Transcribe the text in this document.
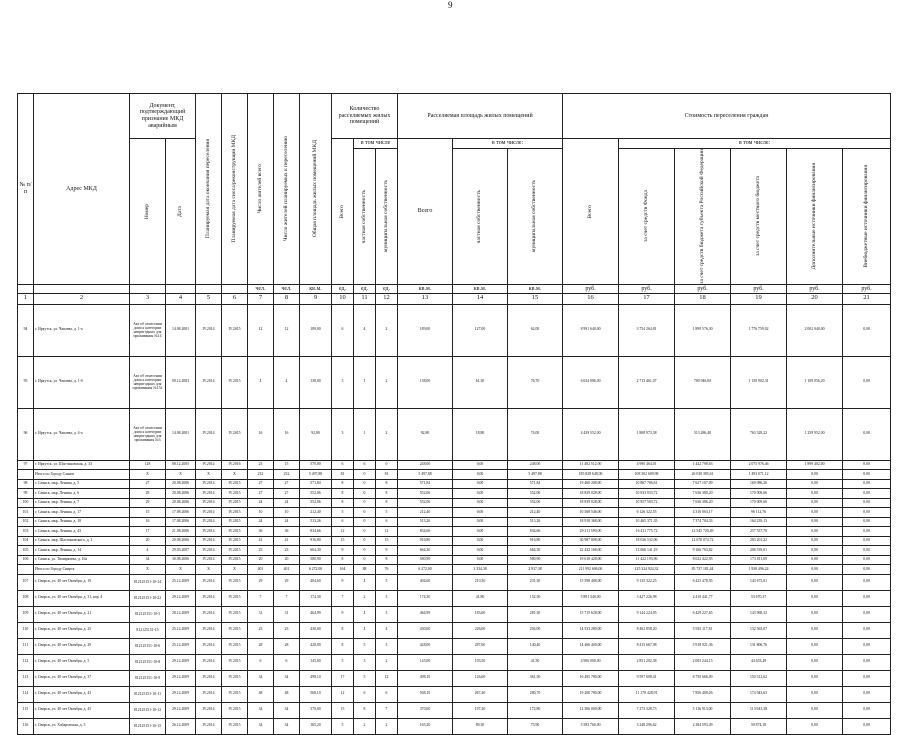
9
№ п/п	Адрес МКД	Документ, подтверждающий признание МКД аварийным		Планируемая дата окончания переселения	Планируемая дата сноса/реконструкции МКД	Число жителей всего	Число жителей планируемых к переселению	Общая площадь жилых помещений МКД	Количество расселяемых жилых помещений			Расселяемая площадь жилых помещений			Стоимость переселения граждан					

		Номер	Дата						Всего	в том числе		Всего	в том числе:		Всего	в том числе:				

										частная собственность	муниципальная собственность		частная собственность	муниципальная собственность		за счет средств Фонда	за счет средств бюджета субъекта Российской Федерации	за счет средств местного бюджета	Дополнительные источники финансирования	Внебюджетные источники финансирования

						чел.	чел.	кв.м.	ед.	ед.	ед.	кв.м.	кв.м.	кв.м.	руб.	руб.	руб.	руб.	руб.	руб.
1	2	3	4	5	6	7	8	9	10	11	12	13	14	15	16	17	18	19	20	21
94	г. Иркутск, ул. Чапаева, д. 1-а	Акт об отнесении дома к категории непригодных для проживания №14	14.08.2001	IV.2014	IV.2015	12	12	189,00	6	4	2	189,00	127,00	62,00	8 991 640,00	3 754 264,81	1 899 576,30	1 776 759,02	2 002 040,00	0,00
95	г. Иркутск, ул. Чапаева, д. 1-б	Акт об отнесении дома к категории непригодных для проживания №152	09.12.2003	IV.2014	IV.2015	4	4	138,00	3	1	2	138,00	61,30	76,70	6 024 096,00	2 713 461,07	700 946,00	1 150 902,31	1 109 056,20	0,00
96	г. Иркутск, ул. Чапаева, д. 4-а	Акт об отнесении дома к категории непригодных для проживания №3	14.08.2001	IV.2014	IV.2015	16	16	92,80	3	1	2	92,80	18,80	74,00	4 439 552,00	1 808 973,38	513 286,40	763 328,22	1 259 952,00	0,00
97	г. Иркутск, ул. Шастиновская, д. 33	128	08.12.2005	IV.2014	IV.2016	23	15	570,00	6	6	0	248,00	0,00	248,00	11 482 512,00	4 990 464,01	1 442 798,63	2 075 976,46	1 899 402,00	0,00
	Итого по Городу Саянск	X	X	X	X	232	232	5 497,88	81	0	81	5 497,88	0,00	5 497,88	185 828 648,00	108 302 609,98	26 030 385,61	1 493 071,12	0,00	0,00
98	г. Саянск, мкр. Ленина, д. 5	27	20.08.2006	IV.2014	IV.2015	27	27	571,84	8	0	8	571,84	0,00	571,84	19 460 208,00	10 867 706,61	7 627 107,09	169 086,26	0,00	0,00
99	г. Саянск, мкр. Ленина, д. 6	28	20.08.2006	IV.2014	IV.2015	27	27	552,06	8	0	8	552,06	0,00	552,06	18 839 028,00	10 833 033,72	7 636 380,20	170 009,66	0,00	0,00
100	г. Саянск, мкр. Ленина, д. 7	29	20.08.2006	IV.2014	IV.2015	24	24	552,06	8	0	8	552,06	0,00	552,06	18 839 028,00	10 857 503,72	7 636 386,20	170 009,66	0,00	0,00
101	г. Саянск, мкр. Ленина, д. 17	15	17.08.2006	IV.2014	IV.2015	10	10	212,40	5	0	5	212,40	0,00	212,40	10 568 546,00	6 126 322,55	4 316 063,17	96 112,76	0,00	0,00
102	г. Саянск, мкр. Ленина, д. 18	16	17.08.2006	IV.2014	IV.2015	24	24	513,26	6	0	6	513,26	0,00	513,26	18 918 368,00	10 465 371,35	7 374 704,33	164 239,13	0,00	0,00
103	г. Саянск, мкр. Ленина, д. 43	17	21.08.2006	IV.2014	IV.2015	36	36	834,66	12	0	12	834,66	0,00	834,66	29 211 590,00	16 411 775,72	12 545 720,49	257 537,70	0,00	0,00
104	г. Саянск, мкр. Шастиновского, д. 1	20	20.08.2006	IV.2014	IV.2015	41	41	916,80	15	0	15	916,80	0,00	916,80	30 987 808,00	18 026 532,06	12 678 074,72	283 201,22	0,00	0,00
105	г. Саянск, мкр. Ленина, д. 14	4	29.03.2007	IV.2014	IV.2015	23	23	664,30	9	0	9	664,30	0,00	664,30	22 432 168,00	13 066 141,19	9 166 763,82	206 539,01	0,00	0,00
106	г. Саянск, ул. Тимирязева, д. 16а	34	30.08.2006	IV.2014	IV.2015	20	20	580,90	8	0	8	580,90	0,00	580,90	19 618 428,00	11 422 193,96	8 022 422,95	173 811,09	0,00	0,00
	Итого по Городу Свирск	X	X	X	X	401	401	6 272,00	164	88	76	6 272,00	3 334,38	2 937,38	211 992 606,00	125 324 924,32	85 737 181,44	1 930 496,24	0,00	0,00
107	г. Свирск, ул. 40 лет Октября, д. 19	812125151-10-14	25.12.2009	IV.2014	IV.2015	29	29	404,60	9	4	5	404,60	210,30	231,30	15 598 488,00	9 135 322,25	6 425 478,95	143 675,81	0,00	0,00
108	г. Свирск, ул. 40 лет Октября, д. 31, кор. 4	812125151-10-22	29.12.2009	IV.2014	IV.2015	7	7	174,30	7	2	3	174,30	41,80	152,50	5 891 340,00	3 427 226,98	2 410 441,77	53 670,37	0,00	0,00
109	г. Свирск, ул. 40 лет Октября, д. 21	812125151-10-5	28.12.2009	IV.2014	IV.2015	31	31	464,99	9	4	3	464,99	183,60	281,30	15 715 628,00	9 144 224,05	6 429 227,65	143 968,32	0,00	0,00
110	г. Свирск, ул. 40 лет Октября, д. 25	812125151-15	25.12.2009	IV.2014	IV.2015	23	23	430,00	8	4	4	430,00	226,00	204,00	14 533 280,00	8 462 858,20	5 935 117,81	132 563,07	0,00	0,00
111	г. Свирск, ул. 40 лет Октября, д. 29	812125151-10-6	25.12.2009	IV.2014	IV.2015	28	28	428,00	8	5	3	428,00	287,60	140,40	14 466 400,00	8 415 667,98	5 918 921,36	131 806,76	0,00	0,00
112	г. Свирск, ул. 40 лет Октября, д. 5	812125151-10-8	29.12.2009	IV.2014	IV.2015	6	6	145,00	5	3	2	145,00	103,50	41,50	4 906 000,00	2 851 202,38	2 005 244,15	44 653,49	0,00	0,00
113	г. Свирск, ул. 40 лет Октября, д. 37	812125151-10-9	29.12.2009	IV.2014	IV.2015	34	34	498,10	17	5	12	498,10	126,60	361,50	16 495 780,00	9 597 608,41	6 750 666,09	150 312,62	0,00	0,00
114	г. Свирск, ул. 40 лет Октября, д. 43	812125151-10-11	29.12.2009	IV.2014	IV.2015	48	48	568,10	12	6	6	568,10	267,40	280,70	19 200 780,00	11 178 428,91	7 856 408,26	174 943,63	0,00	0,00
115	г. Свирск, ул. 40 лет Октября, д. 45	812125151-10-12	29.12.2009	IV.2014	IV.2015	34	34	370,00	15	8	7	370,00	197,20	172,80	12 506 000,00	7 275 328,73	5 116 913,00	113 943,38	0,00	0,00
116	г. Свирск, ул. Хабаровская, д. 5	812125151-10-15	26.12.2009	IV.2014	IV.2015	34	34	165,20	5	2	2	165,20	89,30	75,90	5 583 760,00	3 248 296,62	2 284 593,49	50 874,18	0,00	0,00
